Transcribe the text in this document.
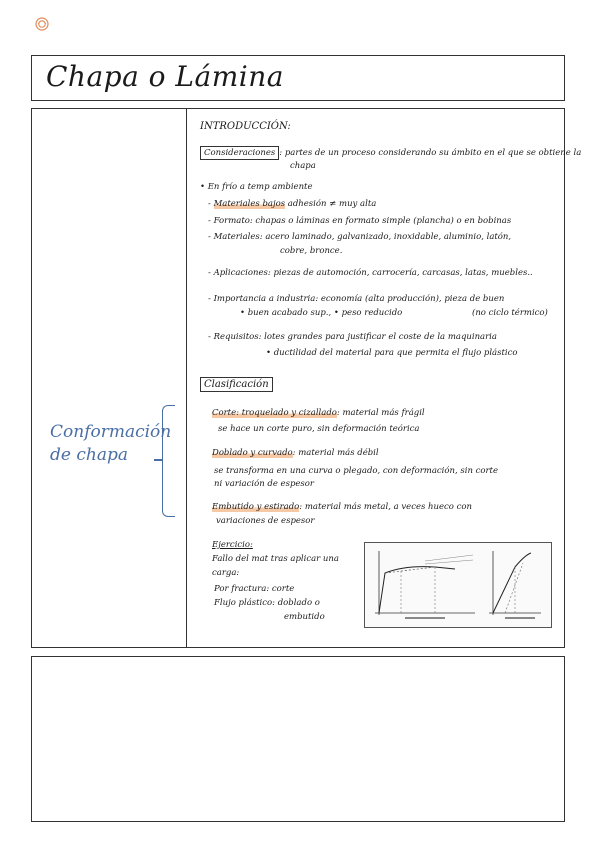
Chapa o Lámina
Conformación
de chapa
INTRODUCCIÓN:
Consideraciones : partes de un proceso considerando su ámbito en el que se obtiene la
chapa
• En frío a temp ambiente
- Materiales bajos adhesión ≠ muy alta
- Formato: chapas o láminas en formato simple (plancha) o en bobinas
- Materiales: acero laminado, galvanizado, inoxidable, aluminio, latón,
cobre, bronce.
- Aplicaciones: piezas de automoción, carrocería, carcasas, latas, muebles..
- Importancia a industria: economía (alta producción), pieza de buen
• buen acabado sup., • peso reducido	(no ciclo térmico)
- Requisitos: lotes grandes para justificar el coste de la maquinaria
• ductilidad del material para que permita el flujo plástico
Clasificación
Corte: troquelado y cizallado: material más frágil
se hace un corte puro, sin deformación teórica
Doblado y curvado: material más débil
se transforma en una curva o plegado, con deformación, sin corte
ni variación de espesor
Embutido y estirado: material más metal, a veces hueco con
variaciones de espesor
Ejercicio:
Fallo del mat tras aplicar una
carga:
Por fractura: corte
Flujo plástico: doblado o
embutido
